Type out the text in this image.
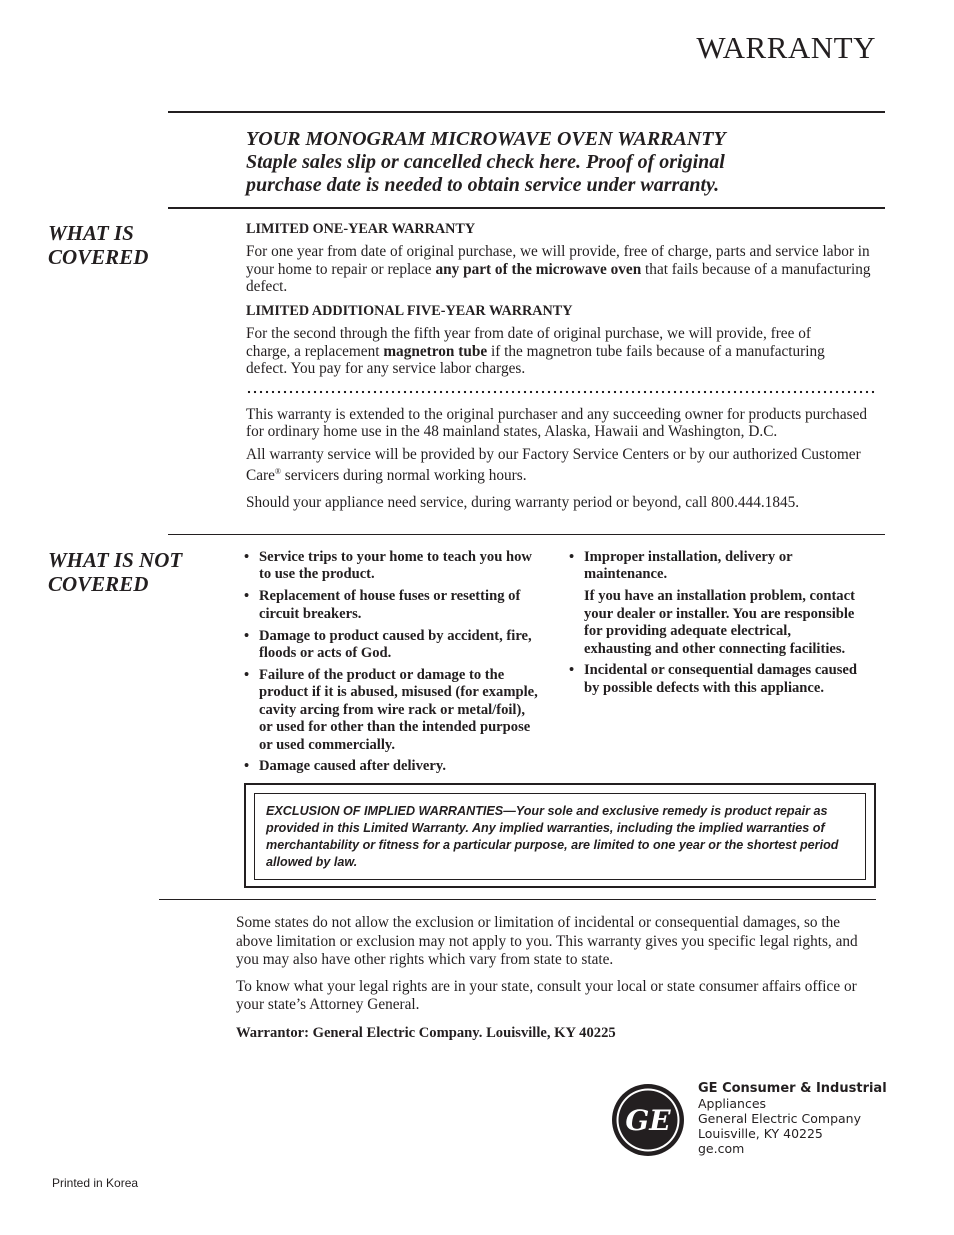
WARRANTY
YOUR MONOGRAM MICROWAVE OVEN WARRANTY
Staple sales slip or cancelled check here. Proof of original
purchase date is needed to obtain service under warranty.
WHAT IS
COVERED

LIMITED ONE-YEAR WARRANTY

For one year from date of original purchase, we will provide, free of charge, parts and service labor in your home to repair or replace any part of the microwave oven that fails because of a manufacturing defect.

LIMITED ADDITIONAL FIVE-YEAR WARRANTY

For the second through the fifth year from date of original purchase, we will provide, free of charge, a replacement magnetron tube if the magnetron tube fails because of a manufacturing defect. You pay for any service labor charges.

This warranty is extended to the original purchaser and any succeeding owner for products purchased for ordinary home use in the 48 mainland states, Alaska, Hawaii and Washington, D.C.

All warranty service will be provided by our Factory Service Centers or by our authorized Customer Care® servicers during normal working hours.

Should your appliance need service, during warranty period or beyond, call 800.444.1845.

WHAT IS NOT
COVERED
• Service trips to your home to teach you how to use the product.
• Replacement of house fuses or resetting of circuit breakers.
• Damage to product caused by accident, fire, floods or acts of God.
• Failure of the product or damage to the product if it is abused, misused (for example, cavity arcing from wire rack or metal/foil), or used for other than the intended purpose or used commercially.
• Damage caused after delivery.
• Improper installation, delivery or maintenance.
If you have an installation problem, contact your dealer or installer. You are responsible for providing adequate electrical, exhausting and other connecting facilities.
• Incidental or consequential damages caused by possible defects with this appliance.
EXCLUSION OF IMPLIED WARRANTIES—Your sole and exclusive remedy is product repair as provided in this Limited Warranty. Any implied warranties, including the implied warranties of merchantability or fitness for a particular purpose, are limited to one year or the shortest period allowed by law.

Some states do not allow the exclusion or limitation of incidental or consequential damages, so the above limitation or exclusion may not apply to you. This warranty gives you specific legal rights, and you may also have other rights which vary from state to state.

To know what your legal rights are in your state, consult your local or state consumer affairs office or your state’s Attorney General.

Warrantor: General Electric Company. Louisville, KY 40225

GE
GE Consumer & Industrial
Appliances
General Electric Company
Louisville, KY 40225
ge.com
Printed in Korea
